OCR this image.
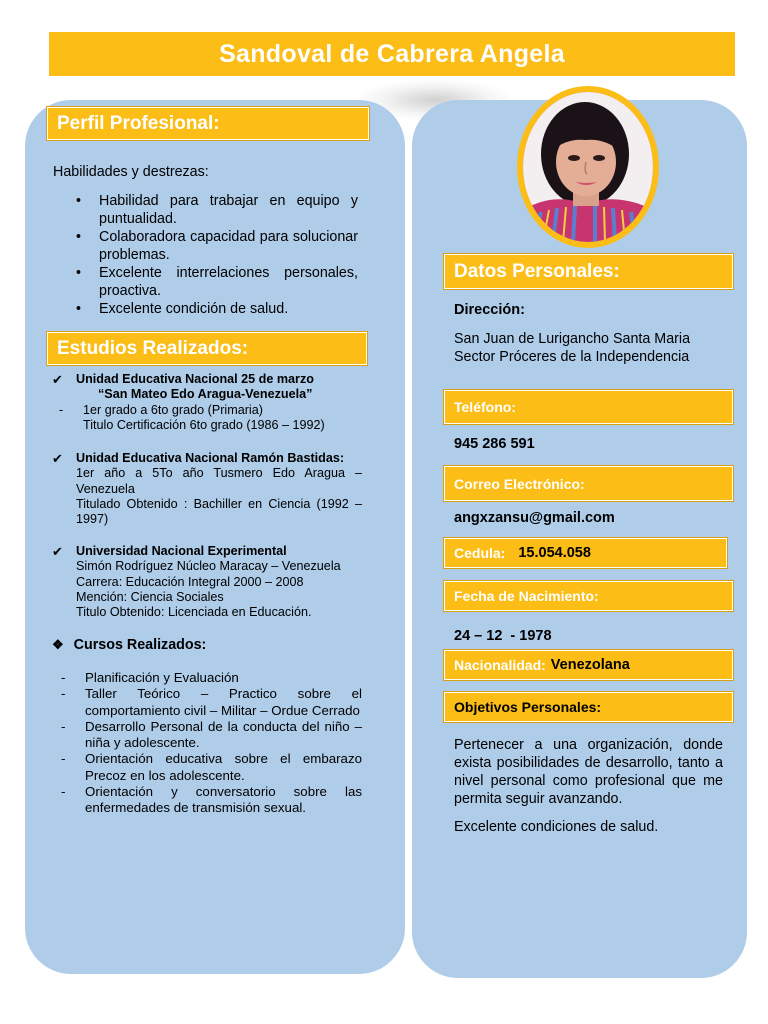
Sandoval de Cabrera Angela
Perfil Profesional:
Habilidades y destrezas:
• Habilidad para trabajar en equipo y puntualidad.
• Colaboradora capacidad para solucionar problemas.
• Excelente interrelaciones personales, proactiva.
• Excelente condición de salud.
Estudios Realizados:
✔	Unidad Educativa Nacional 25 de marzo
“San Mateo Edo Aragua-Venezuela”
- 1er grado a 6to grado (Primaria)
Titulo Certificación 6to grado (1986 – 1992)
✔	Unidad Educativa Nacional Ramón Bastidas:
1er año a 5To año Tusmero Edo Aragua – Venezuela
Titulado Obtenido : Bachiller en Ciencia (1992 – 1997)
✔	Universidad Nacional Experimental
Simón Rodríguez Núcleo Maracay – Venezuela
Carrera: Educación Integral 2000 – 2008
Mención: Ciencia Sociales
Titulo Obtenido: Licenciada en Educación.
❖ Cursos Realizados:
- Planificación y Evaluación
- Taller Teórico – Practico sobre el comportamiento civil – Militar – Ordue Cerrado
- Desarrollo Personal de la conducta del niño – niña y adolescente.
- Orientación educativa sobre el embarazo Precoz en los adolescente.
- Orientación y conversatorio sobre las enfermedades de transmisión sexual.
Datos Personales:
Dirección:
San Juan de Lurigancho Santa Maria Sector Próceres de la Independencia
Teléfono:
945 286 591
Correo Electrónico:
angxzansu@gmail.com
Cedula: 15.054.058
Fecha de Nacimiento:
24 – 12  - 1978
Nacionalidad: Venezolana
Objetivos Personales:
Pertenecer a una organización, donde exista posibilidades de desarrollo, tanto a nivel personal como profesional que me permita seguir avanzando.
Excelente condiciones de salud.
